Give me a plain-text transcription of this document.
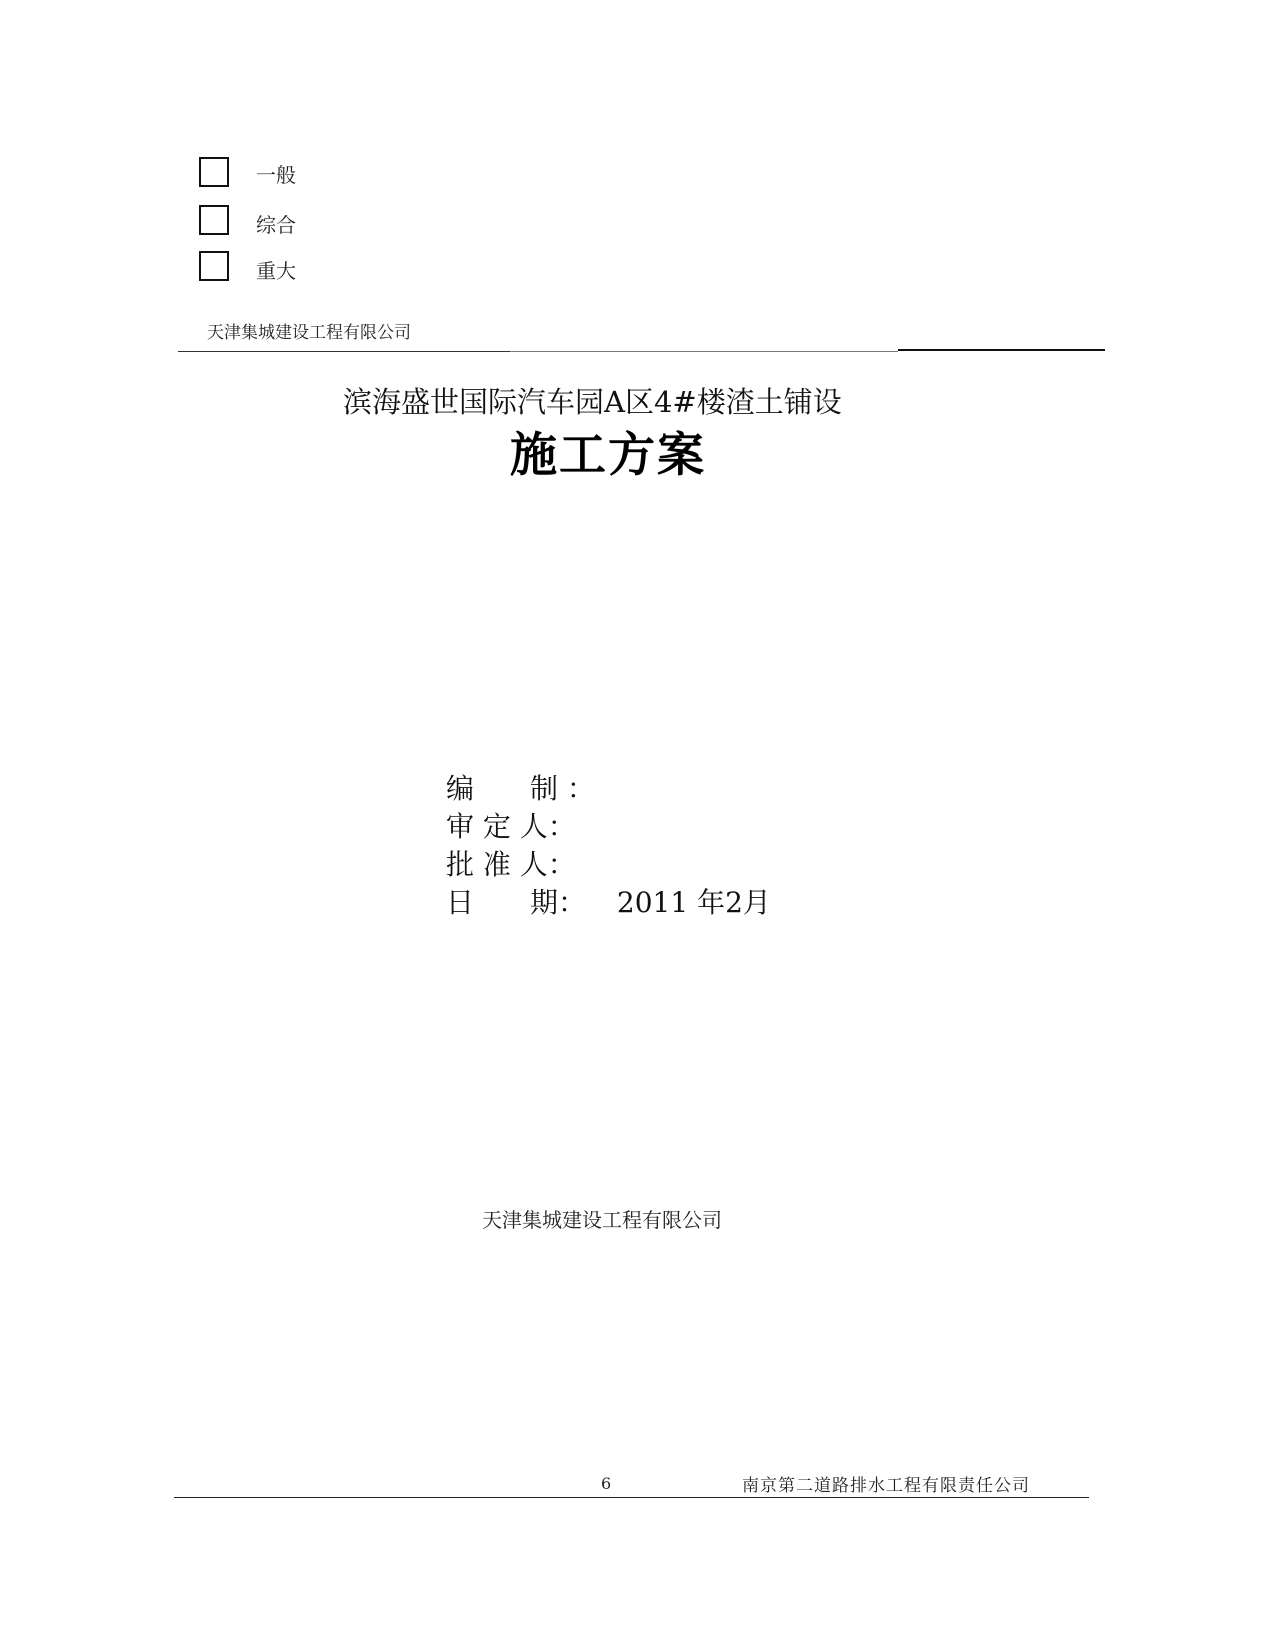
一般
综合
重大
天津集城建设工程有限公司
滨海盛世国际汽车园A区4#楼渣土铺设
施工方案
编　　制 ：
审 定 人：
批 准 人：
日　　期： 2011 年2月
天津集城建设工程有限公司
6	南京第二道路排水工程有限责任公司
